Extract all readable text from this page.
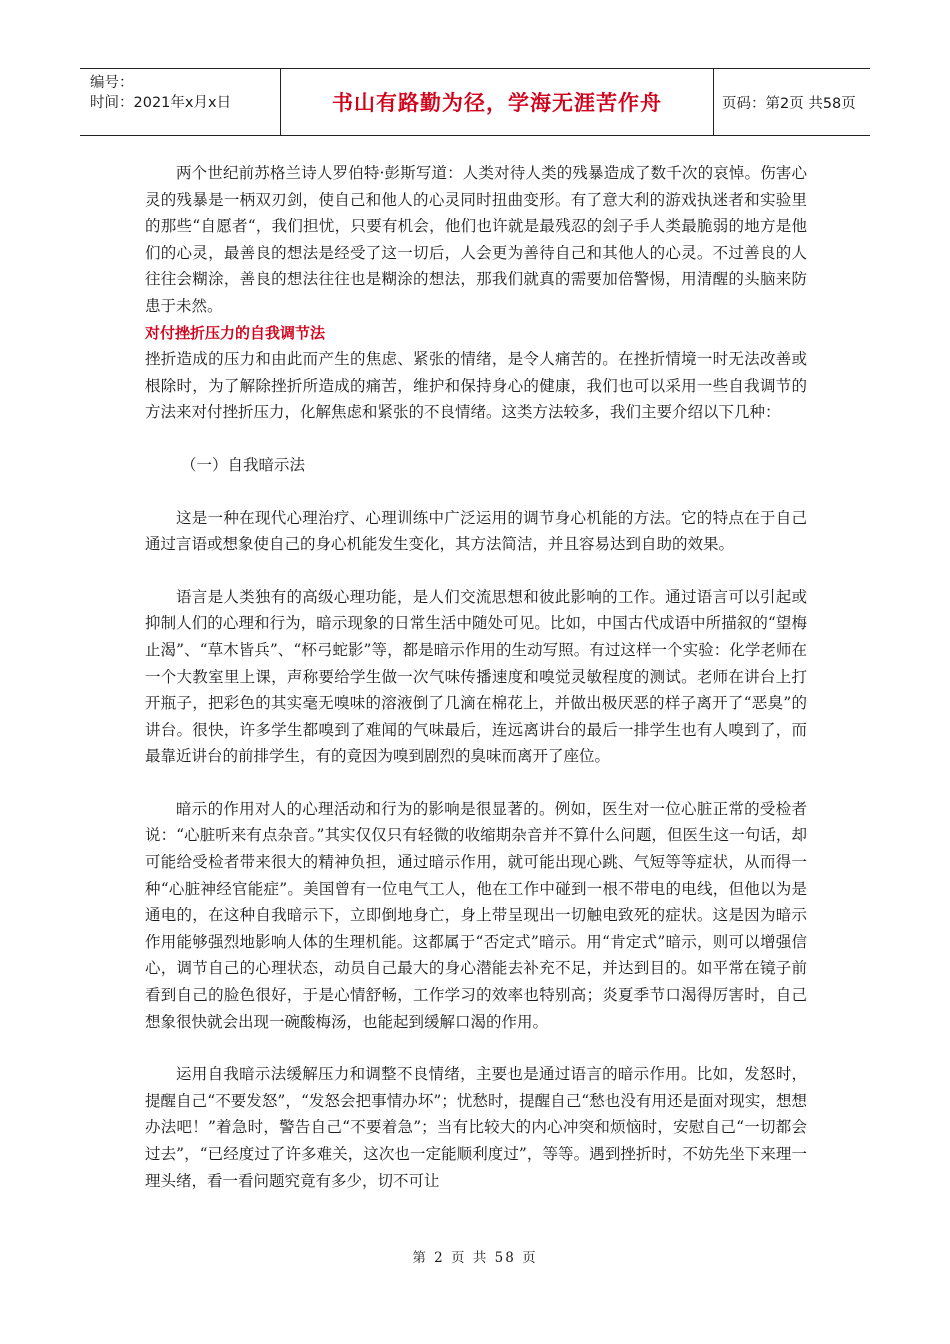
编号：
时间：2021年x月x日	书山有路勤为径，学海无涯苦作舟	页码：第2页 共58页

两个世纪前苏格兰诗人罗伯特·彭斯写道：人类对待人类的残暴造成了数千次的哀悼。伤害心灵的残暴是一柄双刃剑，使自己和他人的心灵同时扭曲变形。有了意大利的游戏执迷者和实验里的那些“自愿者“，我们担忧，只要有机会，他们也许就是最残忍的刽子手人类最脆弱的地方是他们的心灵，最善良的想法是经受了这一切后，人会更为善待自己和其他人的心灵。不过善良的人往往会糊涂，善良的想法往往也是糊涂的想法，那我们就真的需要加倍警惕，用清醒的头脑来防患于未然。

对付挫折压力的自我调节法

挫折造成的压力和由此而产生的焦虑、紧张的情绪，是令人痛苦的。在挫折情境一时无法改善或根除时，为了解除挫折所造成的痛苦，维护和保持身心的健康，我们也可以采用一些自我调节的方法来对付挫折压力，化解焦虑和紧张的不良情绪。这类方法较多，我们主要介绍以下几种：

（一）自我暗示法

这是一种在现代心理治疗、心理训练中广泛运用的调节身心机能的方法。它的特点在于自己通过言语或想象使自己的身心机能发生变化，其方法简洁，并且容易达到自助的效果。

语言是人类独有的高级心理功能，是人们交流思想和彼此影响的工作。通过语言可以引起或抑制人们的心理和行为，暗示现象的日常生活中随处可见。比如，中国古代成语中所描叙的“望梅止渴”、“草木皆兵”、“杯弓蛇影”等，都是暗示作用的生动写照。有过这样一个实验：化学老师在一个大教室里上课，声称要给学生做一次气味传播速度和嗅觉灵敏程度的测试。老师在讲台上打开瓶子，把彩色的其实毫无嗅味的溶液倒了几滴在棉花上，并做出极厌恶的样子离开了“恶臭”的讲台。很快，许多学生都嗅到了难闻的气味最后，连远离讲台的最后一排学生也有人嗅到了，而最靠近讲台的前排学生，有的竟因为嗅到剧烈的臭味而离开了座位。

暗示的作用对人的心理活动和行为的影响是很显著的。例如，医生对一位心脏正常的受检者说：“心脏听来有点杂音。”其实仅仅只有轻微的收缩期杂音并不算什么问题，但医生这一句话，却可能给受检者带来很大的精神负担，通过暗示作用，就可能出现心跳、气短等等症状，从而得一种“心脏神经官能症”。美国曾有一位电气工人，他在工作中碰到一根不带电的电线，但他以为是通电的，在这种自我暗示下，立即倒地身亡，身上带呈现出一切触电致死的症状。这是因为暗示作用能够强烈地影响人体的生理机能。这都属于“否定式”暗示。用“肯定式”暗示，则可以增强信心，调节自己的心理状态，动员自己最大的身心潜能去补充不足，并达到目的。如平常在镜子前看到自己的脸色很好，于是心情舒畅，工作学习的效率也特别高；炎夏季节口渴得厉害时，自己想象很快就会出现一碗酸梅汤，也能起到缓解口渴的作用。

运用自我暗示法缓解压力和调整不良情绪，主要也是通过语言的暗示作用。比如，发怒时，提醒自己“不要发怒”，“发怒会把事情办坏”；忧愁时，提醒自己“愁也没有用还是面对现实，想想办法吧！”着急时，警告自己“不要着急”；当有比较大的内心冲突和烦恼时，安慰自己“一切都会过去”，“已经度过了许多难关，这次也一定能顺利度过”，等等。遇到挫折时，不妨先坐下来理一理头绪，看一看问题究竟有多少，切不可让

第 2 页 共 58 页
